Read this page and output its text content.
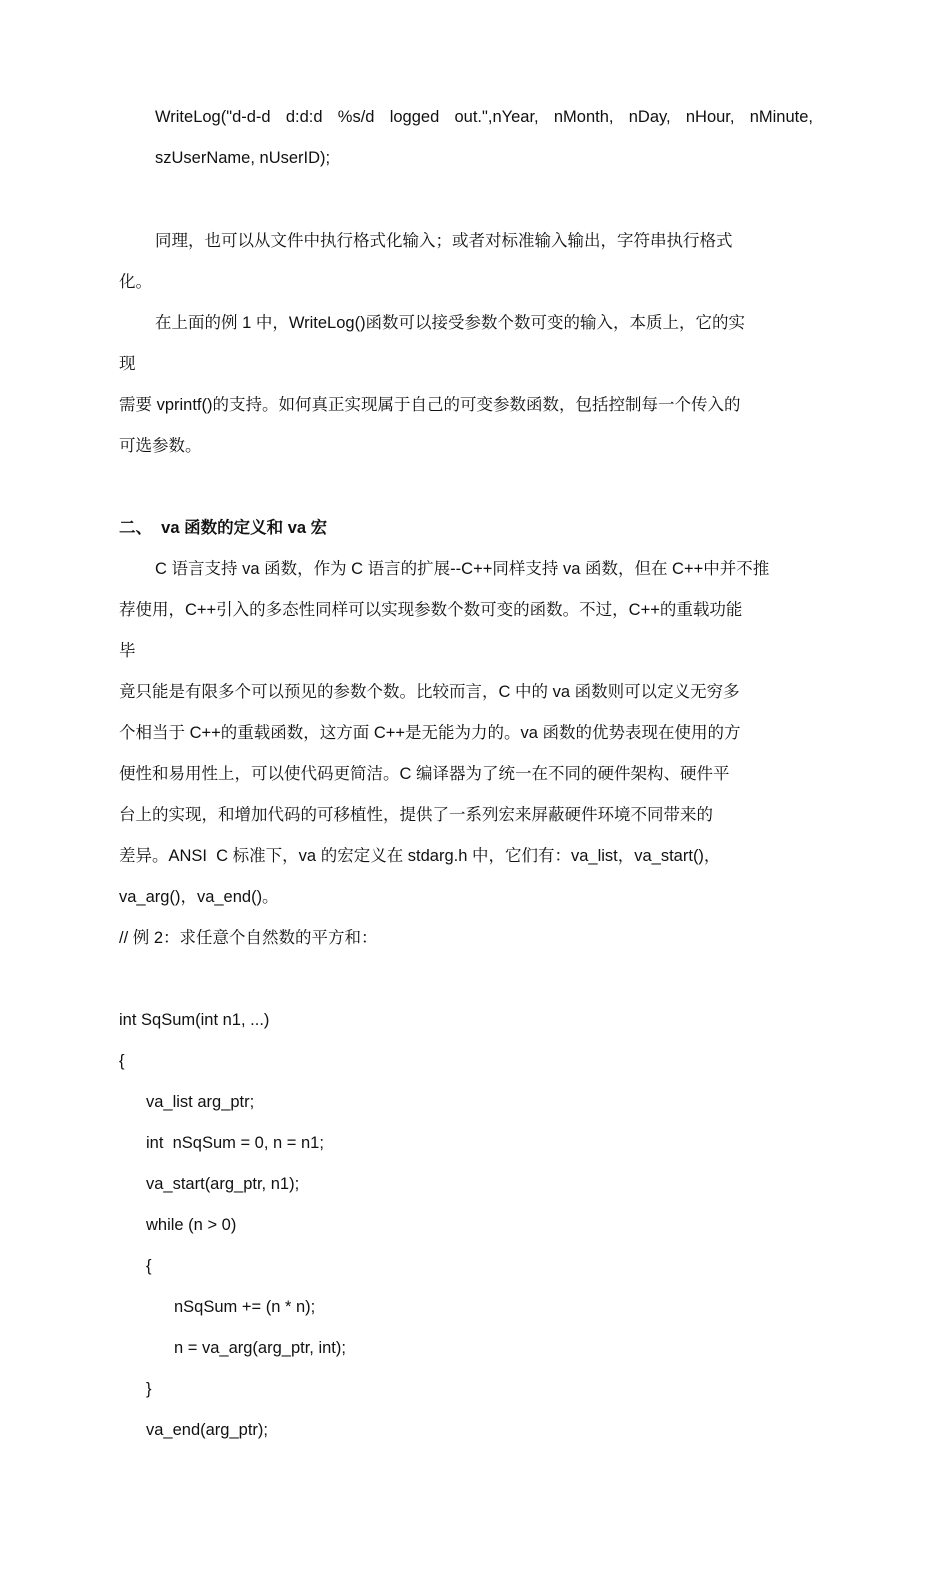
WriteLog("d-d-d d:d:d %s/d logged out.",nYear, nMonth, nDay, nHour, nMinute,
szUserName, nUserID);
同理，也可以从文件中执行格式化输入；或者对标准输入输出，字符串执行格式
化。
在上面的例 1 中，WriteLog()函数可以接受参数个数可变的输入，本质上，它的实
现
需要 vprintf()的支持。如何真正实现属于自己的可变参数函数，包括控制每一个传入的
可选参数。
二、  va 函数的定义和 va 宏
C 语言支持 va 函数，作为 C 语言的扩展--C++同样支持 va 函数，但在 C++中并不推
荐使用，C++引入的多态性同样可以实现参数个数可变的函数。不过，C++的重载功能
毕
竟只能是有限多个可以预见的参数个数。比较而言，C 中的 va 函数则可以定义无穷多
个相当于 C++的重载函数，这方面 C++是无能为力的。va 函数的优势表现在使用的方
便性和易用性上，可以使代码更简洁。C 编译器为了统一在不同的硬件架构、硬件平
台上的实现，和增加代码的可移植性，提供了一系列宏来屏蔽硬件环境不同带来的
差异。ANSI  C 标准下，va 的宏定义在 stdarg.h 中，它们有：va_list，va_start()，
va_arg()，va_end()。
// 例 2：求任意个自然数的平方和：
int SqSum(int n1, ...)
{
va_list arg_ptr;
int  nSqSum = 0, n = n1;
va_start(arg_ptr, n1);
while (n > 0)
{
nSqSum += (n * n);
n = va_arg(arg_ptr, int);
}
va_end(arg_ptr);
